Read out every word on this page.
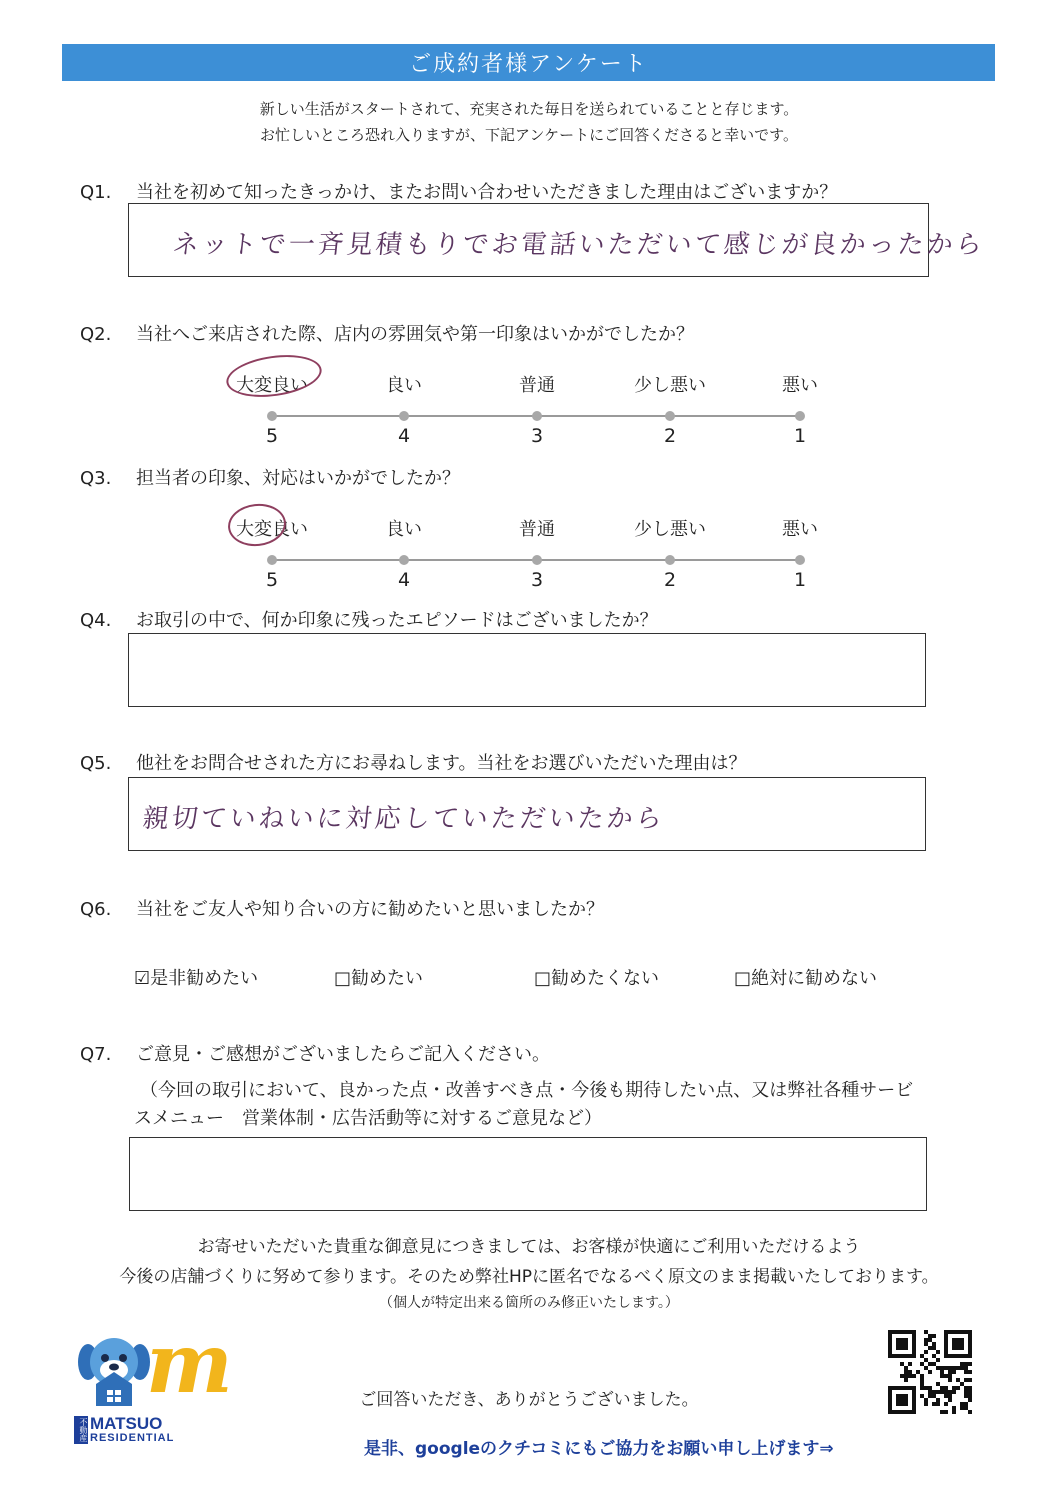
ご成約者様アンケート
新しい生活がスタートされて、充実された毎日を送られていることと存じます。
お忙しいところ恐れ入りますが、下記アンケートにご回答くださると幸いです。
Q1. 当社を初めて知ったきっかけ、またお問い合わせいただきました理由はございますか？
ネットで一斉見積もりでお電話いただいて感じが良かったから
Q2. 当社へご来店された際、店内の雰囲気や第一印象はいかがでしたか？
大変良い
5
良い
4
普通
3
少し悪い
2
悪い
1
Q3. 担当者の印象、対応はいかがでしたか？
大変良い
5
良い
4
普通
3
少し悪い
2
悪い
1
Q4. お取引の中で、何か印象に残ったエピソードはございましたか？
Q5. 他社をお問合せされた方にお尋ねします。当社をお選びいただいた理由は？
親切ていねいに対応していただいたから
Q6. 当社をご友人や知り合いの方に勧めたいと思いましたか？
☑是非勧めたい	□勧めたい	□勧めたくない	□絶対に勧めない
Q7. ご意見・ご感想がございましたらご記入ください。
（今回の取引において、良かった点・改善すべき点・今後も期待したい点、又は弊社各種サービ
スメニュー　営業体制・広告活動等に対するご意見など）
お寄せいただいた貴重な御意見につきましては、お客様が快適にご利用いただけるよう
今後の店舗づくりに努めて参ります。そのため弊社HPに匿名でなるべく原文のまま掲載いたしております。
（個人が特定出来る箇所のみ修正いたします。）
ご回答いただき、ありがとうございました。
m
不動産 MATSUO
RESIDENTIAL
是非、googleのクチコミにもご協力をお願い申し上げます⇒
